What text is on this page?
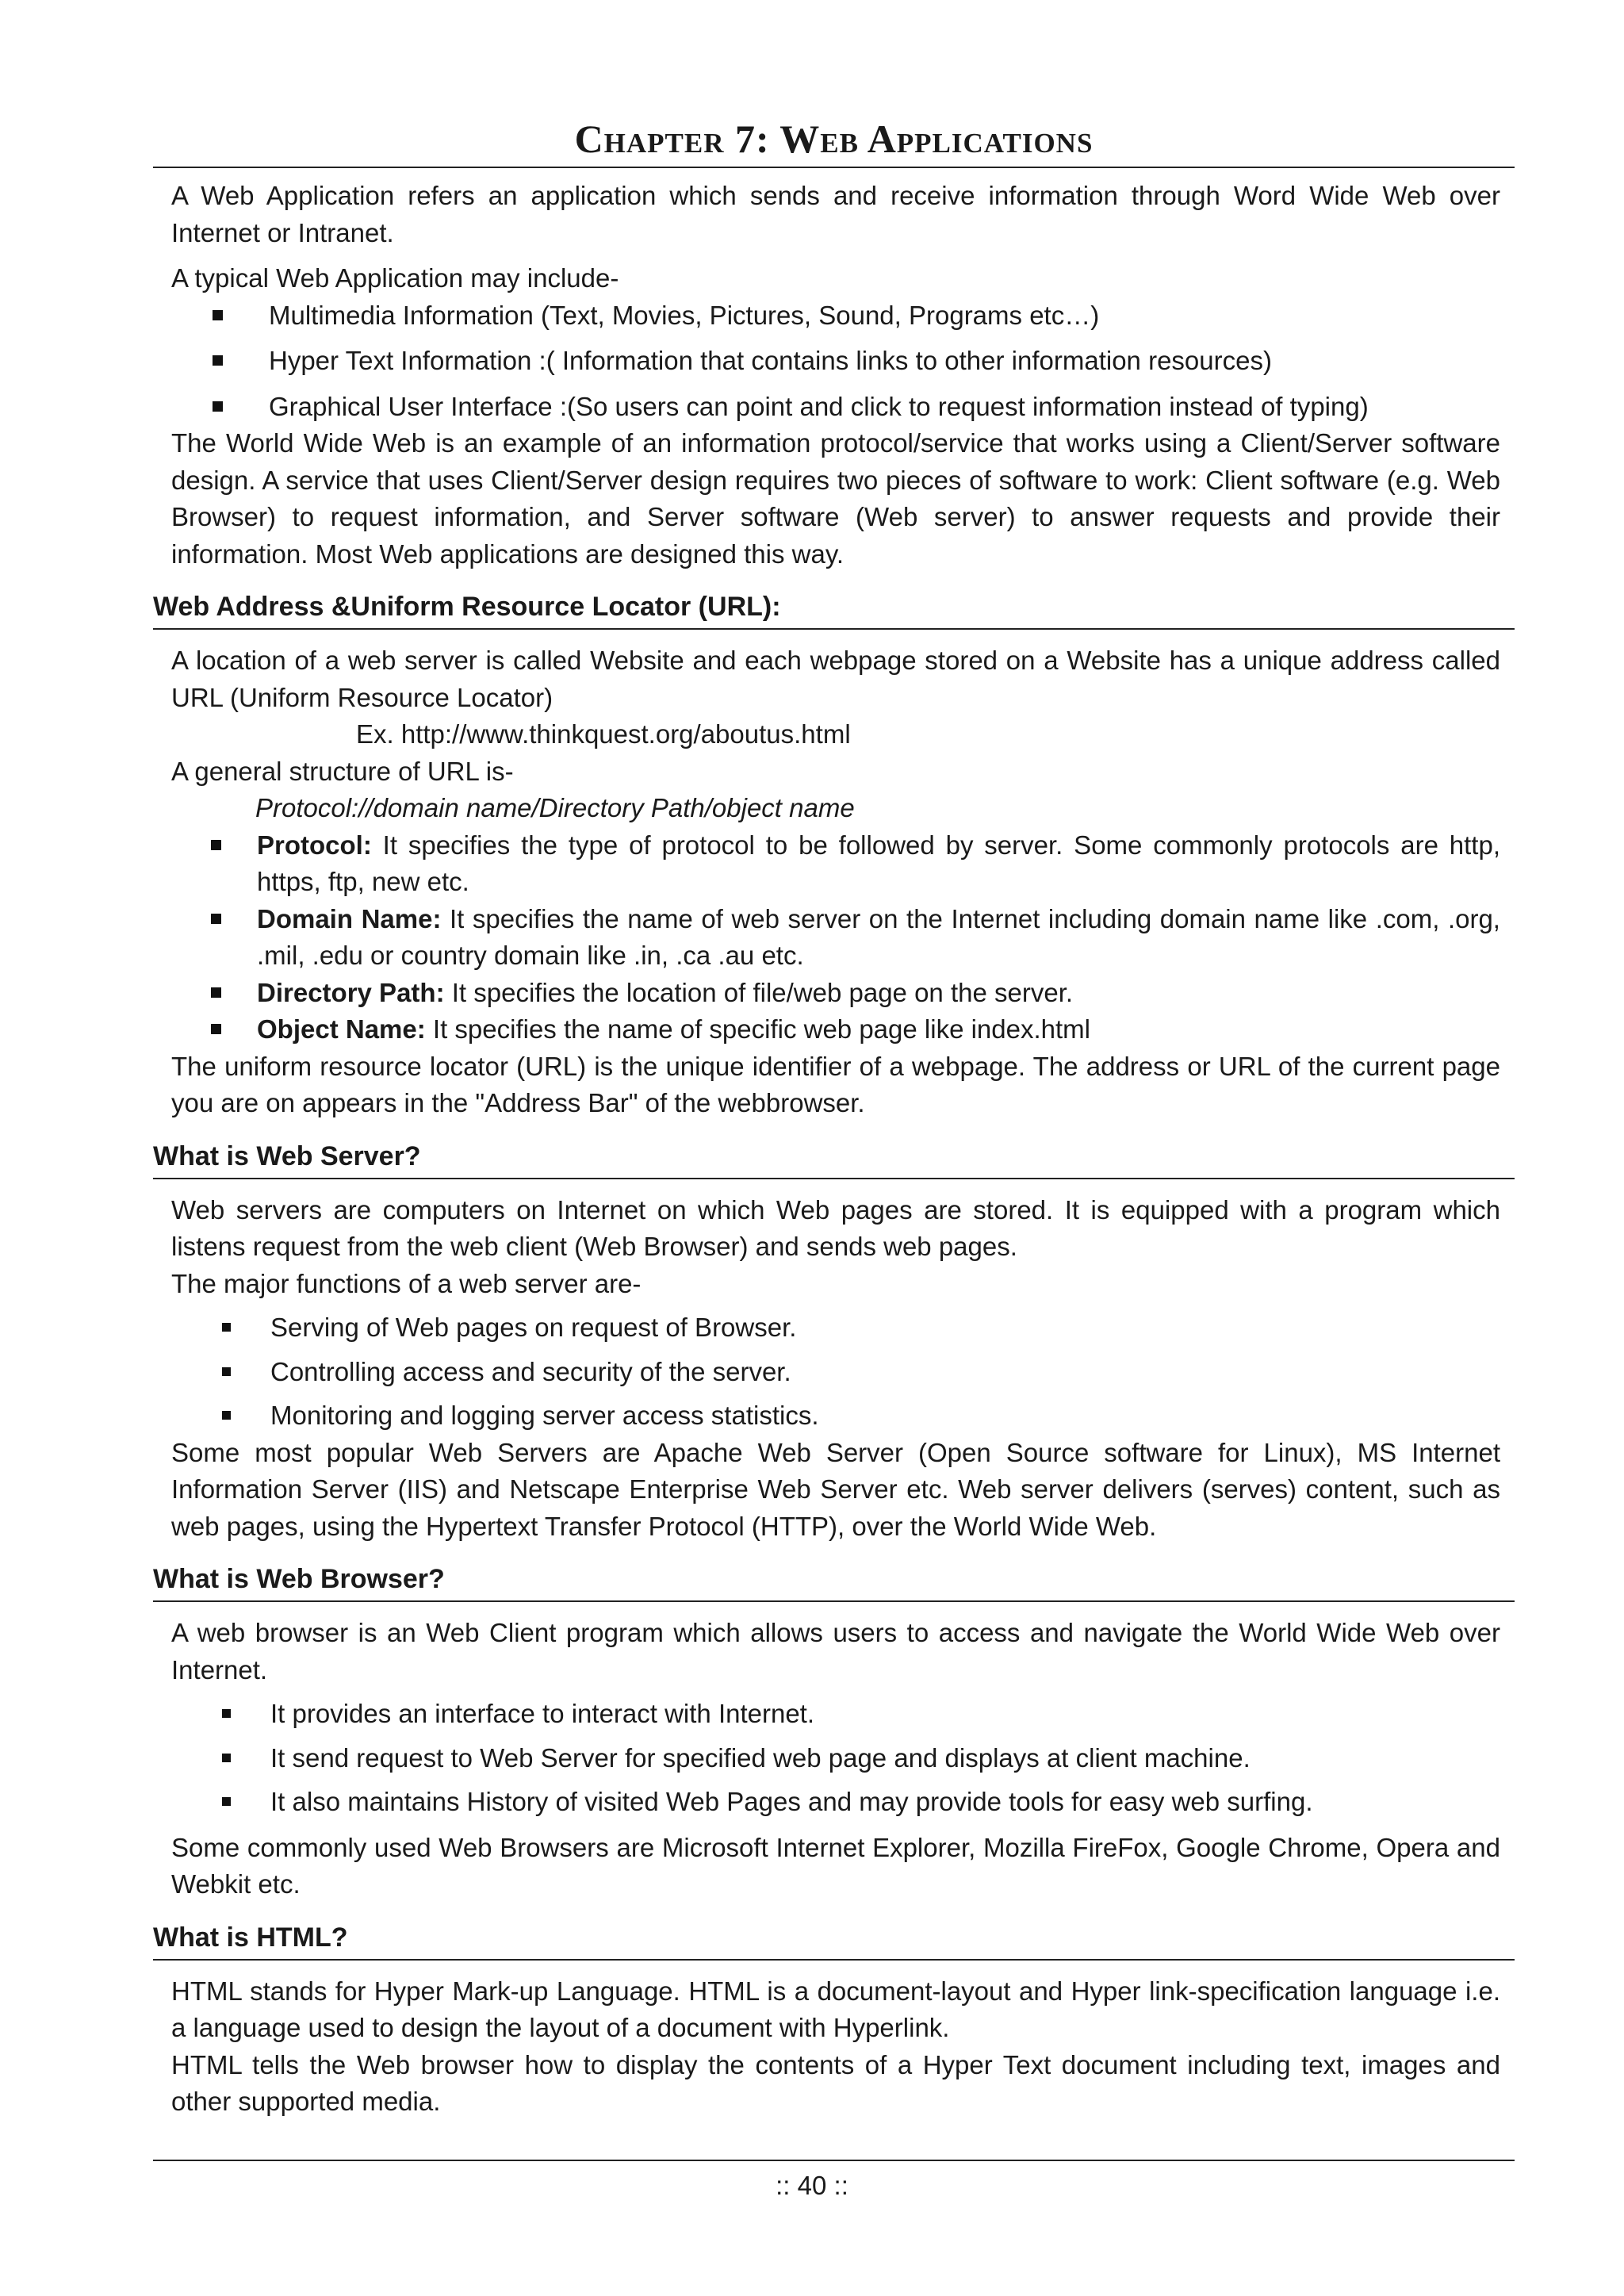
Chapter 7: Web Applications

A Web Application refers an application which sends and receive information through Word Wide Web over Internet or Intranet.

A typical Web Application may include-

Multimedia Information (Text, Movies, Pictures, Sound, Programs etc…)
Hyper Text Information :( Information that contains links to other information resources)
Graphical User Interface :(So users can point and click to request information instead of typing)

The World Wide Web is an example of an information protocol/service that works using a Client/Server software design. A service that uses Client/Server design requires two pieces of software to work: Client software (e.g. Web Browser) to request information, and Server software (Web server) to answer requests and provide their information. Most Web applications are designed this way.

Web Address &Uniform Resource Locator (URL):

A location of a web server is called Website and each webpage stored on a Website has a unique address called URL (Uniform Resource Locator)

Ex. http://www.thinkquest.org/aboutus.html

A general structure of URL is-

Protocol://domain name/Directory Path/object name

Protocol: It specifies the type of protocol to be followed by server. Some commonly protocols are http, https, ftp, new etc.
Domain Name: It specifies the name of web server on the Internet including domain name like .com, .org, .mil, .edu or country domain like .in, .ca .au etc.
Directory Path: It specifies the location of file/web page on the server.
Object Name: It specifies the name of specific web page like index.html

The uniform resource locator (URL) is the unique identifier of a webpage. The address or URL of the current page you are on appears in the "Address Bar" of the webbrowser.

What is Web Server?

Web servers are computers on Internet on which Web pages are stored. It is equipped with a program which listens request from the web client (Web Browser) and sends web pages.

The major functions of a web server are-

Serving of Web pages on request of Browser.
Controlling access and security of the server.
Monitoring and logging server access statistics.

Some most popular Web Servers are Apache Web Server (Open Source software for Linux), MS Internet Information Server (IIS) and Netscape Enterprise Web Server etc. Web server delivers (serves) content, such as web pages, using the Hypertext Transfer Protocol (HTTP), over the World Wide Web.

What is Web Browser?

A web browser is an Web Client program which allows users to access and navigate the World Wide Web over Internet.

It provides an interface to interact with Internet.
It send request to Web Server for specified web page and displays at client machine.
It also maintains History of visited Web Pages and may provide tools for easy web surfing.

Some commonly used Web Browsers are Microsoft Internet Explorer, Mozilla FireFox, Google Chrome, Opera and Webkit etc.

What is HTML?

HTML stands for Hyper Mark-up Language. HTML is a document-layout and Hyper link-specification language i.e. a language used to design the layout of a document with Hyperlink.

HTML tells the Web browser how to display the contents of a Hyper Text document including text, images and other supported media.

:: 40 ::
